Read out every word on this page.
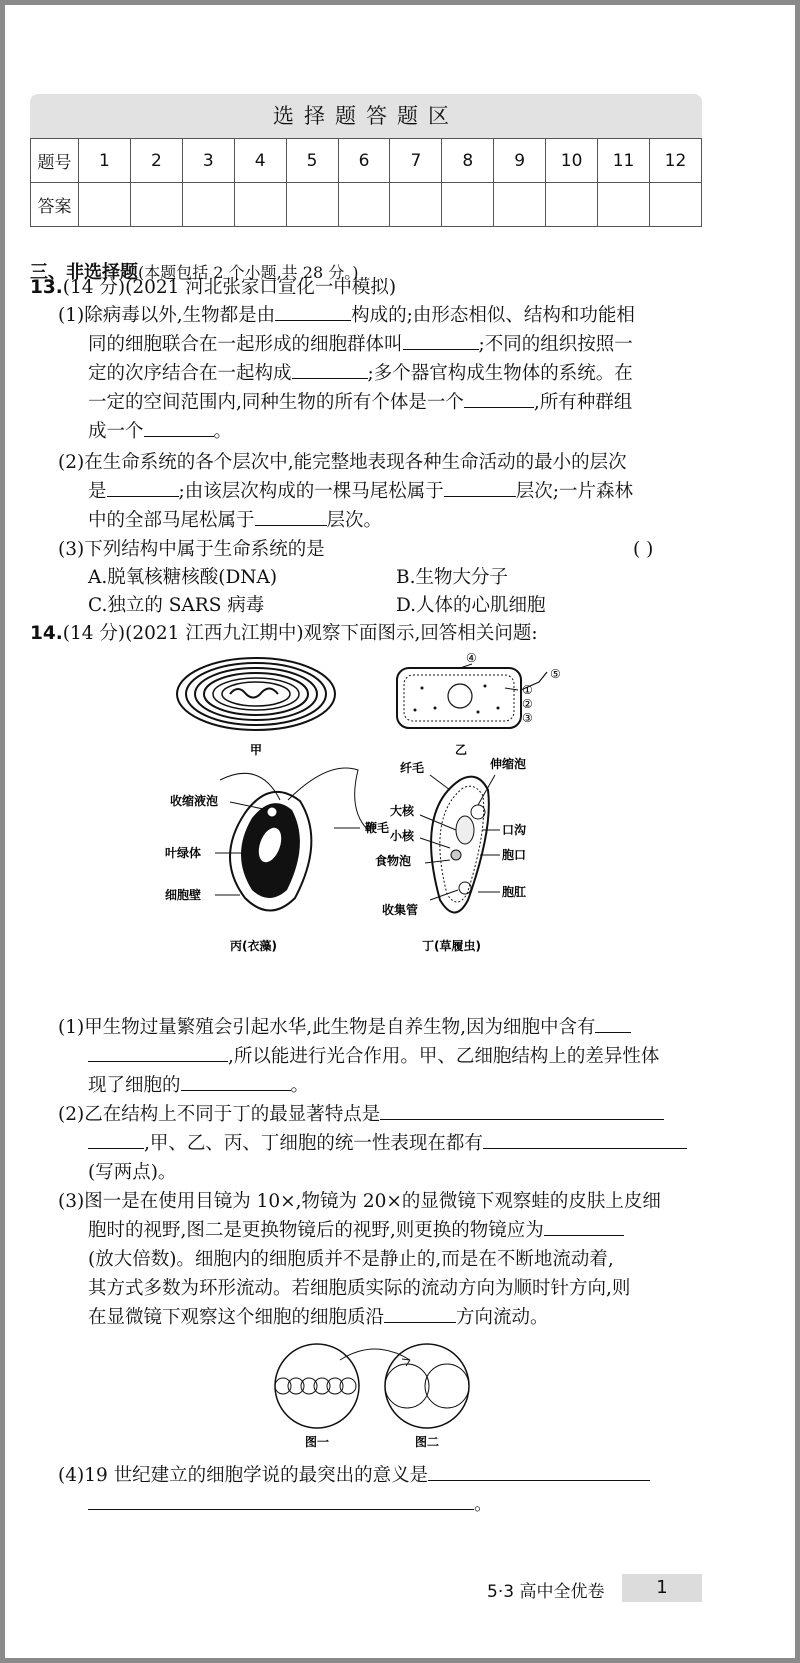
选择题答题区
题号	1	2	3	4	5	6	7	8	9	10	11	12
答案												
三、非选择题(本题包括 2 个小题,共 28 分。)
13.(14 分)(2021 河北张家口宣化一中模拟)
(1)除病毒以外,生物都是由	构成的;由形态相似、结构和功能相
同的细胞联合在一起形成的细胞群体叫	;不同的组织按照一
定的次序结合在一起构成	;多个器官构成生物体的系统。在
一定的空间范围内,同种生物的所有个体是一个	,所有种群组
成一个	。
(2)在生命系统的各个层次中,能完整地表现各种生命活动的最小的层次
是	;由该层次构成的一棵马尾松属于	层次;一片森林
中的全部马尾松属于	层次。
(3)下列结构中属于生命系统的是	( )
A.脱氧核糖核酸(DNA)	B.生物大分子
C.独立的 SARS 病毒	D.人体的心肌细胞
14.(14 分)(2021 江西九江期中)观察下面图示,回答相关问题:
甲
④
①
②
③
⑤
乙
收缩液泡
叶绿体
细胞壁
鞭毛
丙(衣藻)
纤毛	伸缩泡
大核
小核
食物泡
收集管
口沟
胞口
胞肛
丁(草履虫)
(1)甲生物过量繁殖会引起水华,此生物是自养生物,因为细胞中含有
,所以能进行光合作用。甲、乙细胞结构上的差异性体
现了细胞的	。
(2)乙在结构上不同于丁的最显著特点是
,甲、乙、丙、丁细胞的统一性表现在都有
(写两点)。
(3)图一是在使用目镜为 10×,物镜为 20×的显微镜下观察蛙的皮肤上皮细
胞时的视野,图二是更换物镜后的视野,则更换的物镜应为
(放大倍数)。细胞内的细胞质并不是静止的,而是在不断地流动着,
其方式多数为环形流动。若细胞质实际的流动方向为顺时针方向,则
在显微镜下观察这个细胞的细胞质沿	方向流动。
图一	图二
(4)19 世纪建立的细胞学说的最突出的意义是
。
5·3 高中全优卷	1
